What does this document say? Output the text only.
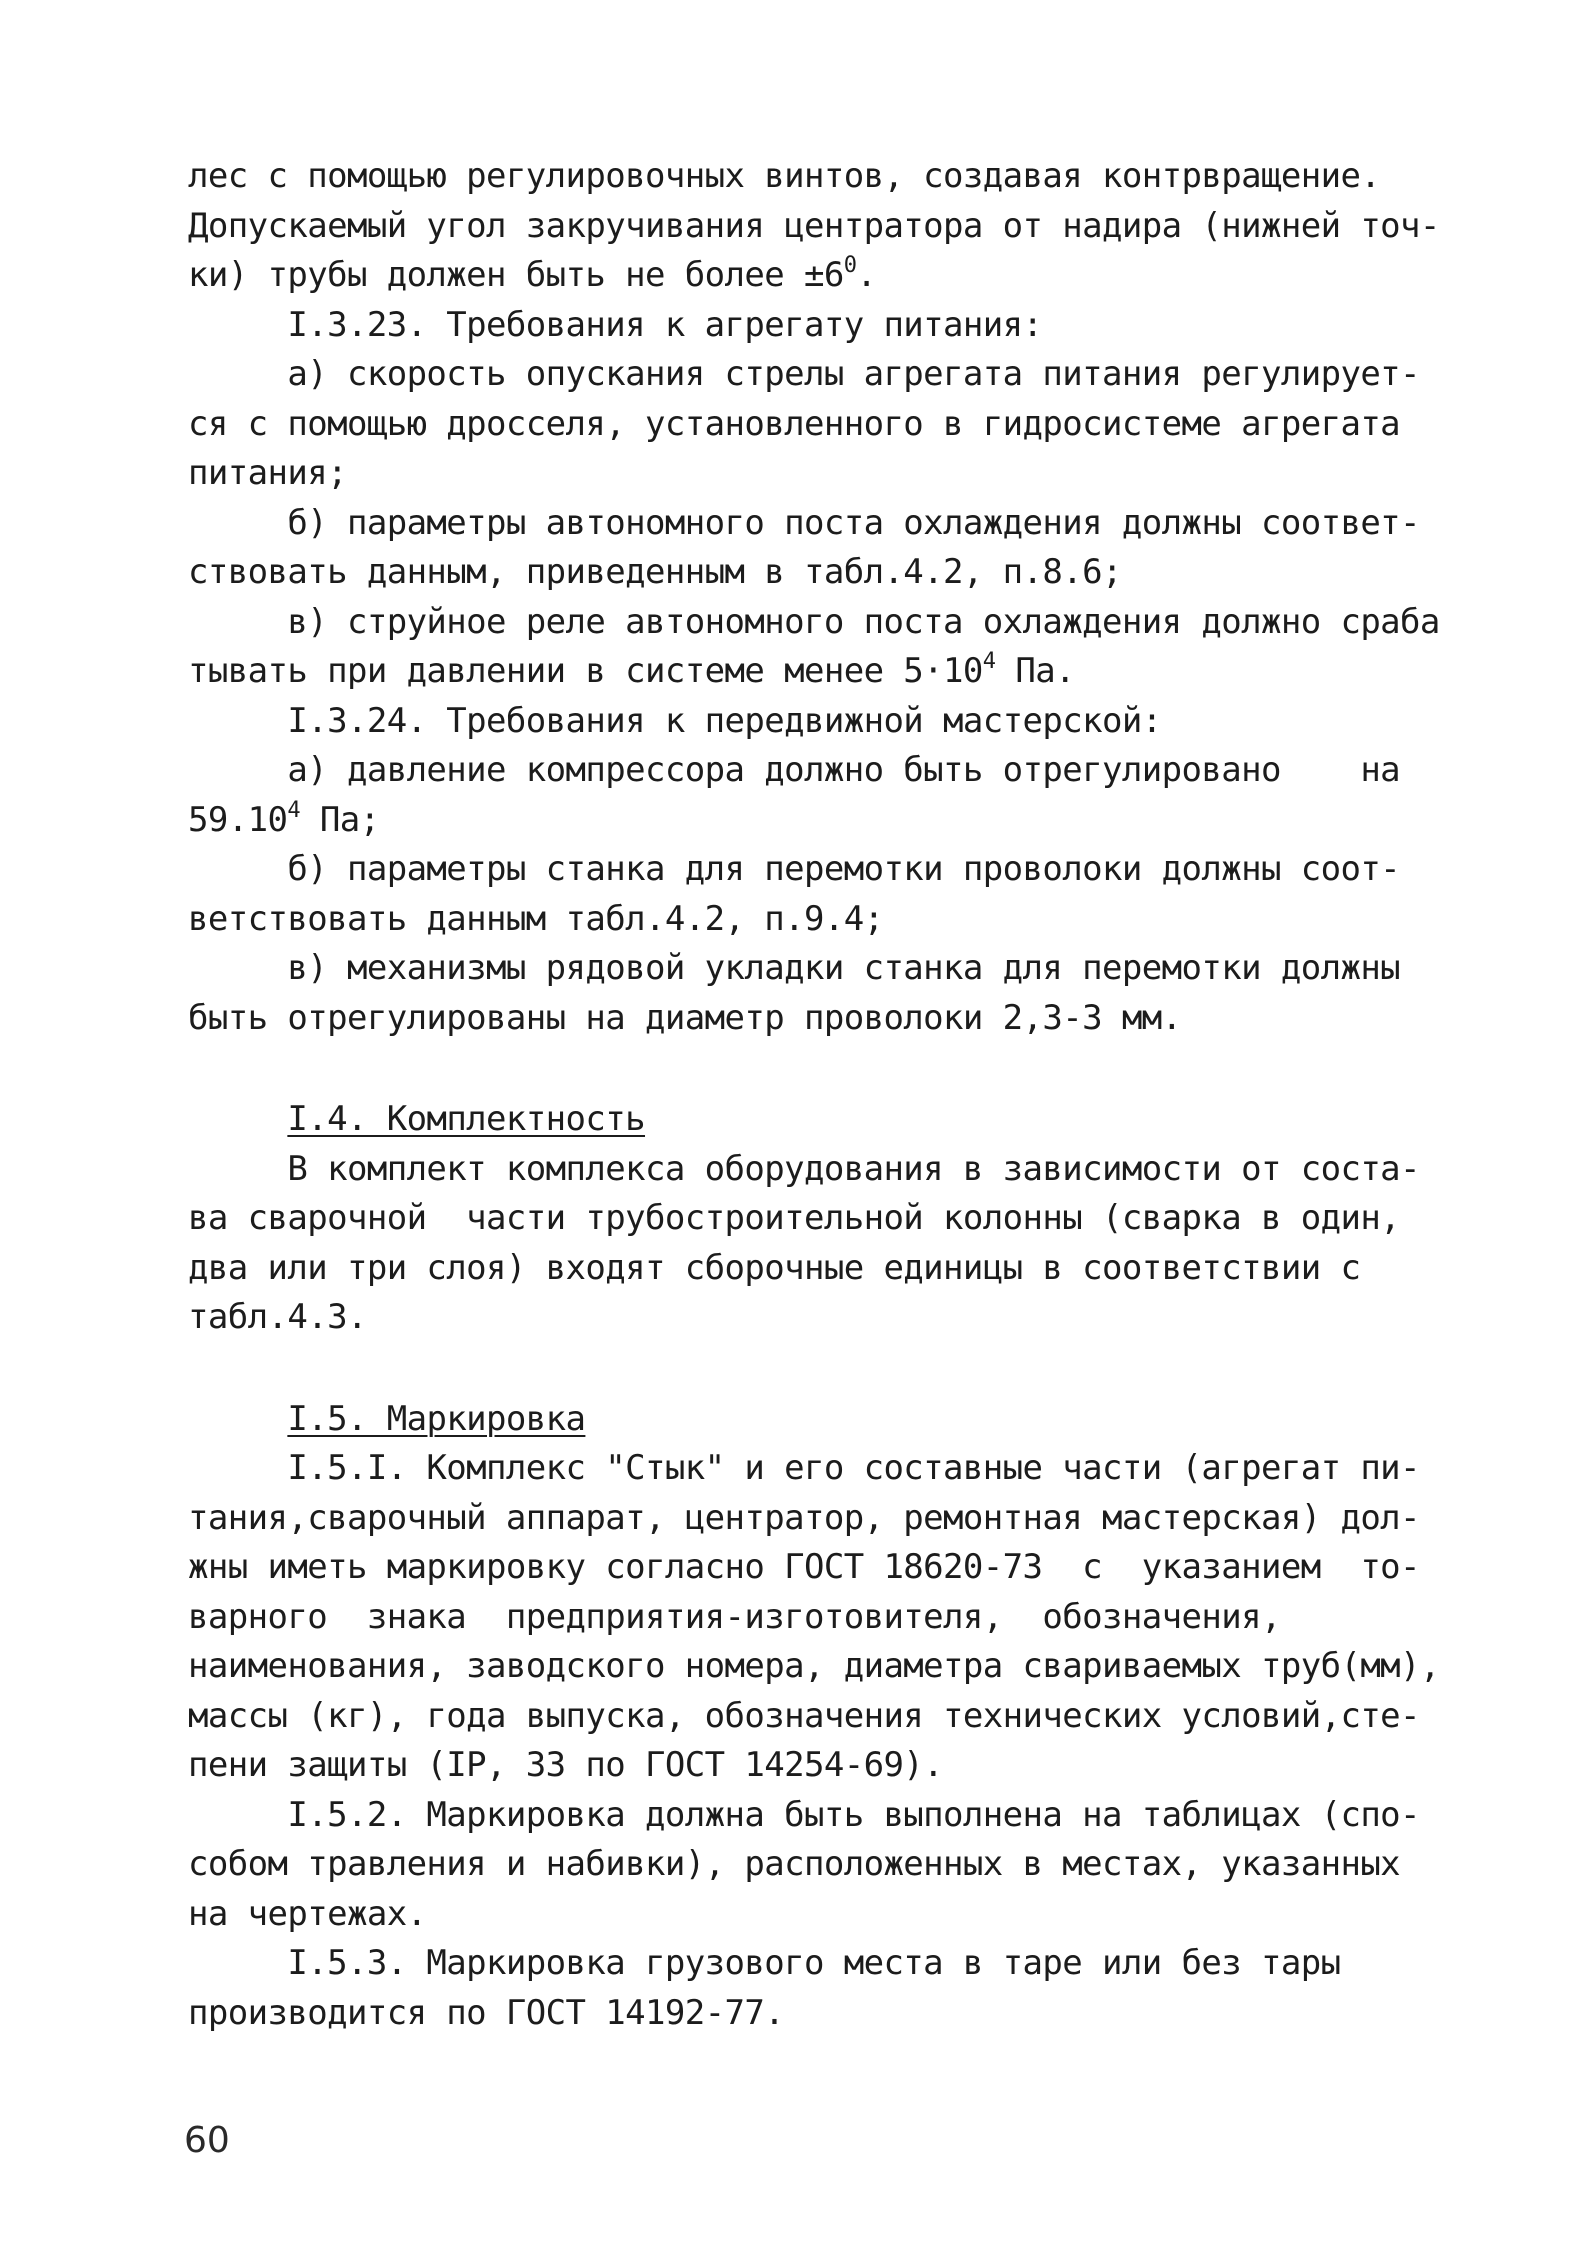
лес с помощью регулировочных винтов, создавая контрвращение.
Допускаемый угол закручивания центратора от надира (нижней точ-
ки) трубы должен быть не более $\pm 6^0$.
I.3.23. Требования к агрегату питания:
а) скорость опускания стрелы агрегата питания регулирует-
ся с помощью дросселя, установленного в гидросистеме агрегата
питания;
б) параметры автономного поста охлаждения должны соответ-
ствовать данным, приведенным в табл.4.2, п.8.6;
в) струйное реле автономного поста охлаждения должно сраба
тывать при давлении в системе менее $5\cdot 10^4$ Па.
I.3.24. Требования к передвижной мастерской:
а) давление компрессора должно быть отрегулировано    на
59.10$^4$ Па;
б) параметры станка для перемотки проволоки должны соот-
ветствовать данным табл.4.2, п.9.4;
в) механизмы рядовой укладки станка для перемотки должны
быть отрегулированы на диаметр проволоки 2,3-3 мм.
I.4. Комплектность
В комплект комплекса оборудования в зависимости от соста-
ва сварочной  части трубостроительной колонны (сварка в один,
два или три слоя) входят сборочные единицы в соответствии с
табл.4.3.
I.5. Маркировка
I.5.I. Комплекс "Стык" и его составные части (агрегат пи-
тания,сварочный аппарат, центратор, ремонтная мастерская) дол-
жны иметь маркировку согласно ГОСТ 18620-73  с  указанием  то-
варного  знака  предприятия-изготовителя,  обозначения,
наименования, заводского номера, диаметра свариваемых труб(мм),
массы (кг), года выпуска, обозначения технических условий,сте-
пени защиты (IP, 33 по ГОСТ 14254-69).
I.5.2. Маркировка должна быть выполнена на таблицах (спо-
собом травления и набивки), расположенных в местах, указанных
на чертежах.
I.5.3. Маркировка грузового места в таре или без тары
производится по ГОСТ 14192-77.
60
